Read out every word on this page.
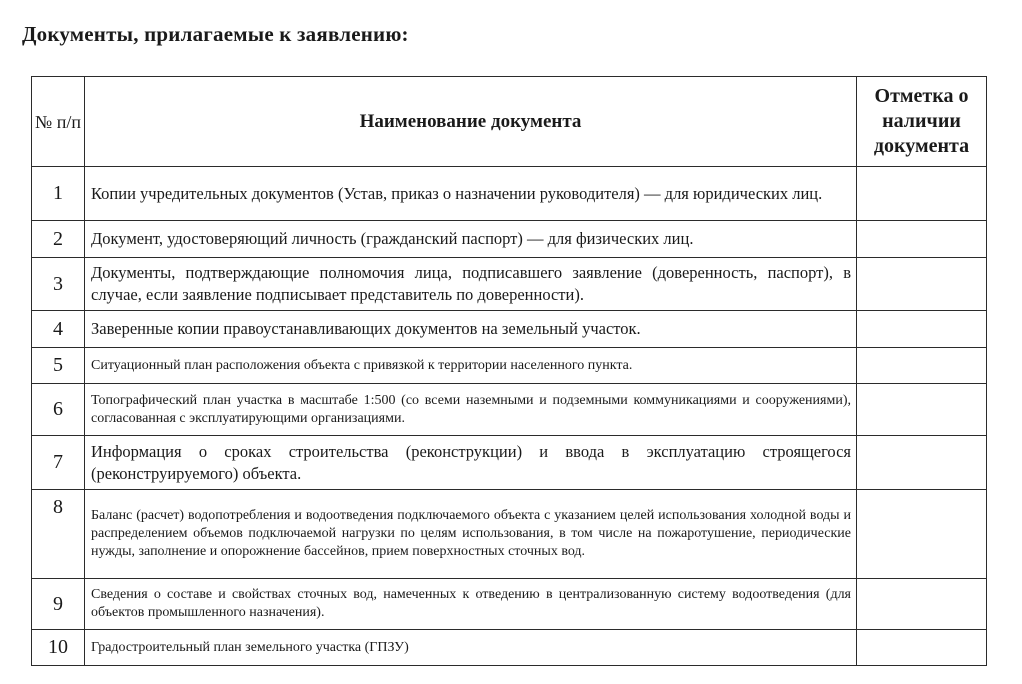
Документы, прилагаемые к заявлению:
№ п/п	Наименование документа	Отметка о наличии документа
1	Копии учредительных документов (Устав, приказ о назначении руководителя) — для юридических лиц.	
2	Документ, удостоверяющий личность (гражданский паспорт) — для физических лиц.	
3	Документы, подтверждающие полномочия лица, подписавшего заявление (доверенность, паспорт), в случае, если заявление подписывает представитель по доверенности).	
4	Заверенные копии правоустанавливающих документов на земельный участок.	
5	Ситуационный план расположения объекта с привязкой к территории населенного пункта.	
6	Топографический план участка в масштабе 1:500 (со всеми наземными и подземными коммуникациями и сооружениями), согласованная с эксплуатирующими организациями.	
7	Информация о сроках строительства (реконструкции) и ввода в эксплуатацию строящегося (реконструируемого) объекта.	
8	Баланс (расчет) водопотребления и водоотведения подключаемого объекта с указанием целей использования холодной воды и распределением объемов подключаемой нагрузки по целям использования, в том числе на пожаротушение, периодические нужды, заполнение и опорожнение бассейнов, прием поверхностных сточных вод.	
9	Сведения о составе и свойствах сточных вод, намеченных к отведению в централизованную систему водоотведения (для объектов промышленного назначения).	
10	Градостроительный план земельного участка (ГПЗУ)	
